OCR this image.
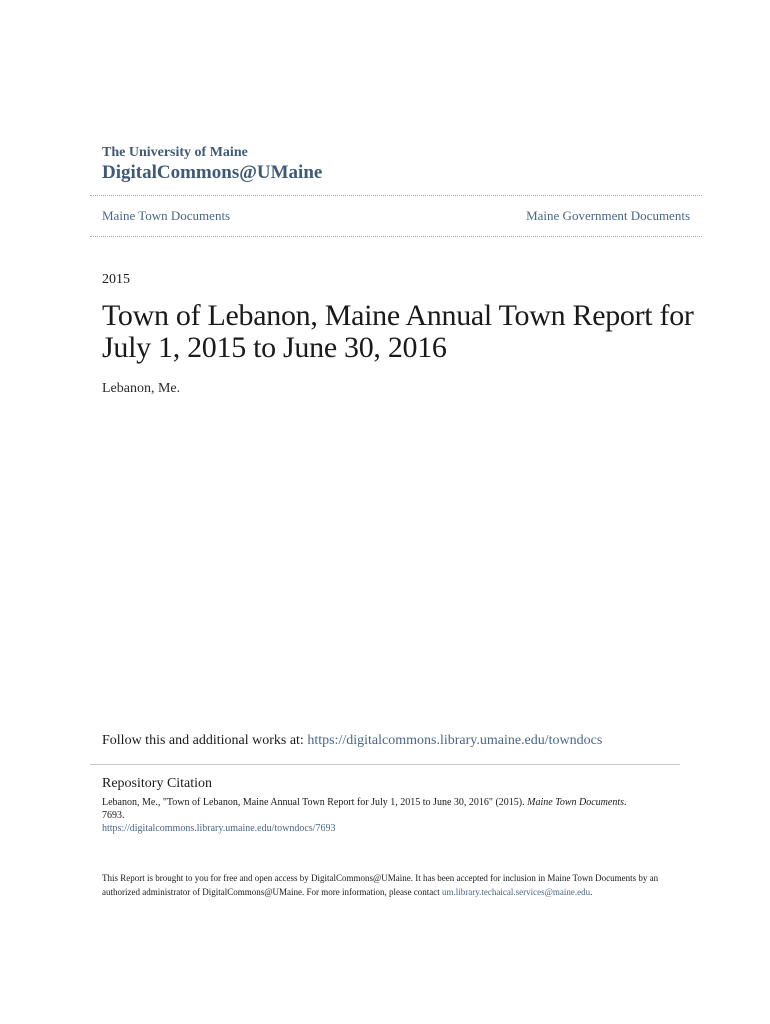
The University of Maine
DigitalCommons@UMaine
Maine Town Documents	Maine Government Documents
2015
Town of Lebanon, Maine Annual Town Report for July 1, 2015 to June 30, 2016
Lebanon, Me.
Follow this and additional works at: https://digitalcommons.library.umaine.edu/towndocs
Repository Citation
Lebanon, Me., "Town of Lebanon, Maine Annual Town Report for July 1, 2015 to June 30, 2016" (2015). Maine Town Documents.
7693.
https://digitalcommons.library.umaine.edu/towndocs/7693
This Report is brought to you for free and open access by DigitalCommons@UMaine. It has been accepted for inclusion in Maine Town Documents by an authorized administrator of DigitalCommons@UMaine. For more information, please contact um.library.techaical.services@maine.edu.
